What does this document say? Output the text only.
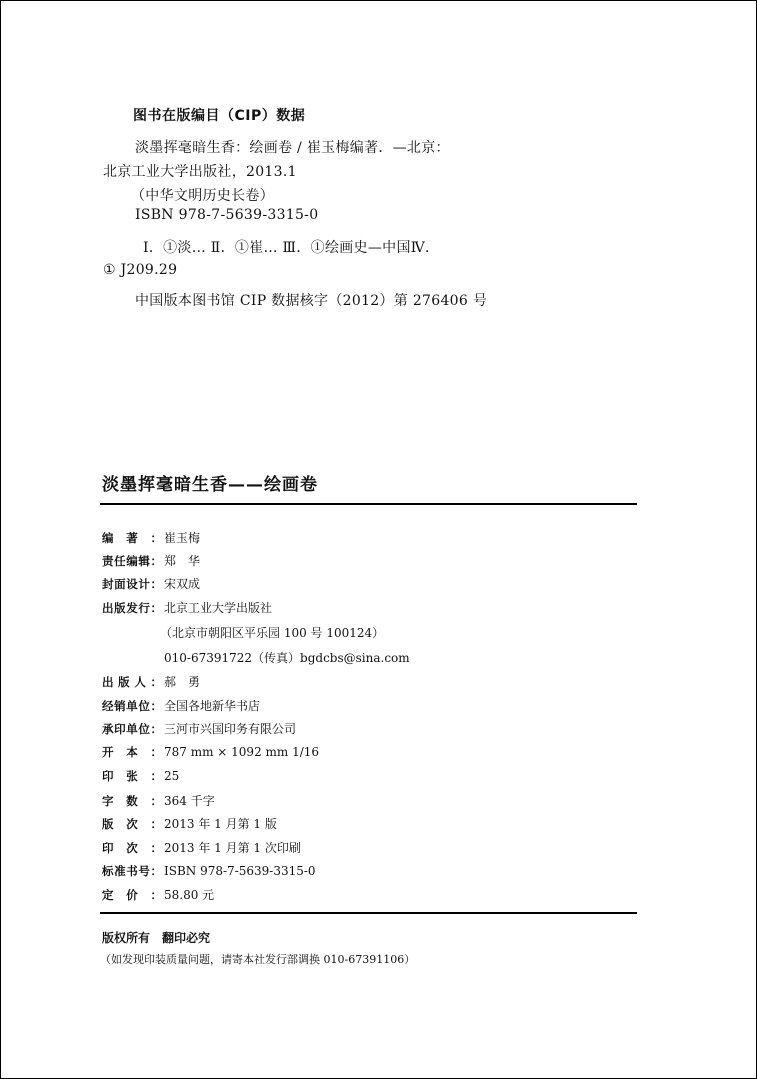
图书在版编目（CIP）数据
淡墨挥毫暗生香：绘画卷 / 崔玉梅编著．—北京：
北京工业大学出版社，2013.1
（中华文明历史长卷）
ISBN 978-7-5639-3315-0
Ⅰ．①淡… Ⅱ．①崔… Ⅲ．①绘画史—中国Ⅳ．
① J209.29
中国版本图书馆 CIP 数据核字（2012）第 276406 号
淡墨挥毫暗生香——绘画卷
编著： 崔玉梅
责任编辑： 郑　华
封面设计： 宋双成
出版发行： 北京工业大学出版社
（北京市朝阳区平乐园 100 号 100124）
010-67391722（传真）bgdcbs@sina.com
出版人： 郝　勇
经销单位： 全国各地新华书店
承印单位： 三河市兴国印务有限公司
开本： 787 mm × 1092 mm 1/16
印张： 25
字数： 364 千字
版次： 2013 年 1 月第 1 版
印次： 2013 年 1 月第 1 次印刷
标准书号： ISBN 978-7-5639-3315-0
定价： 58.80 元
版权所有　翻印必究
（如发现印装质量问题，请寄本社发行部调换 010-67391106）
